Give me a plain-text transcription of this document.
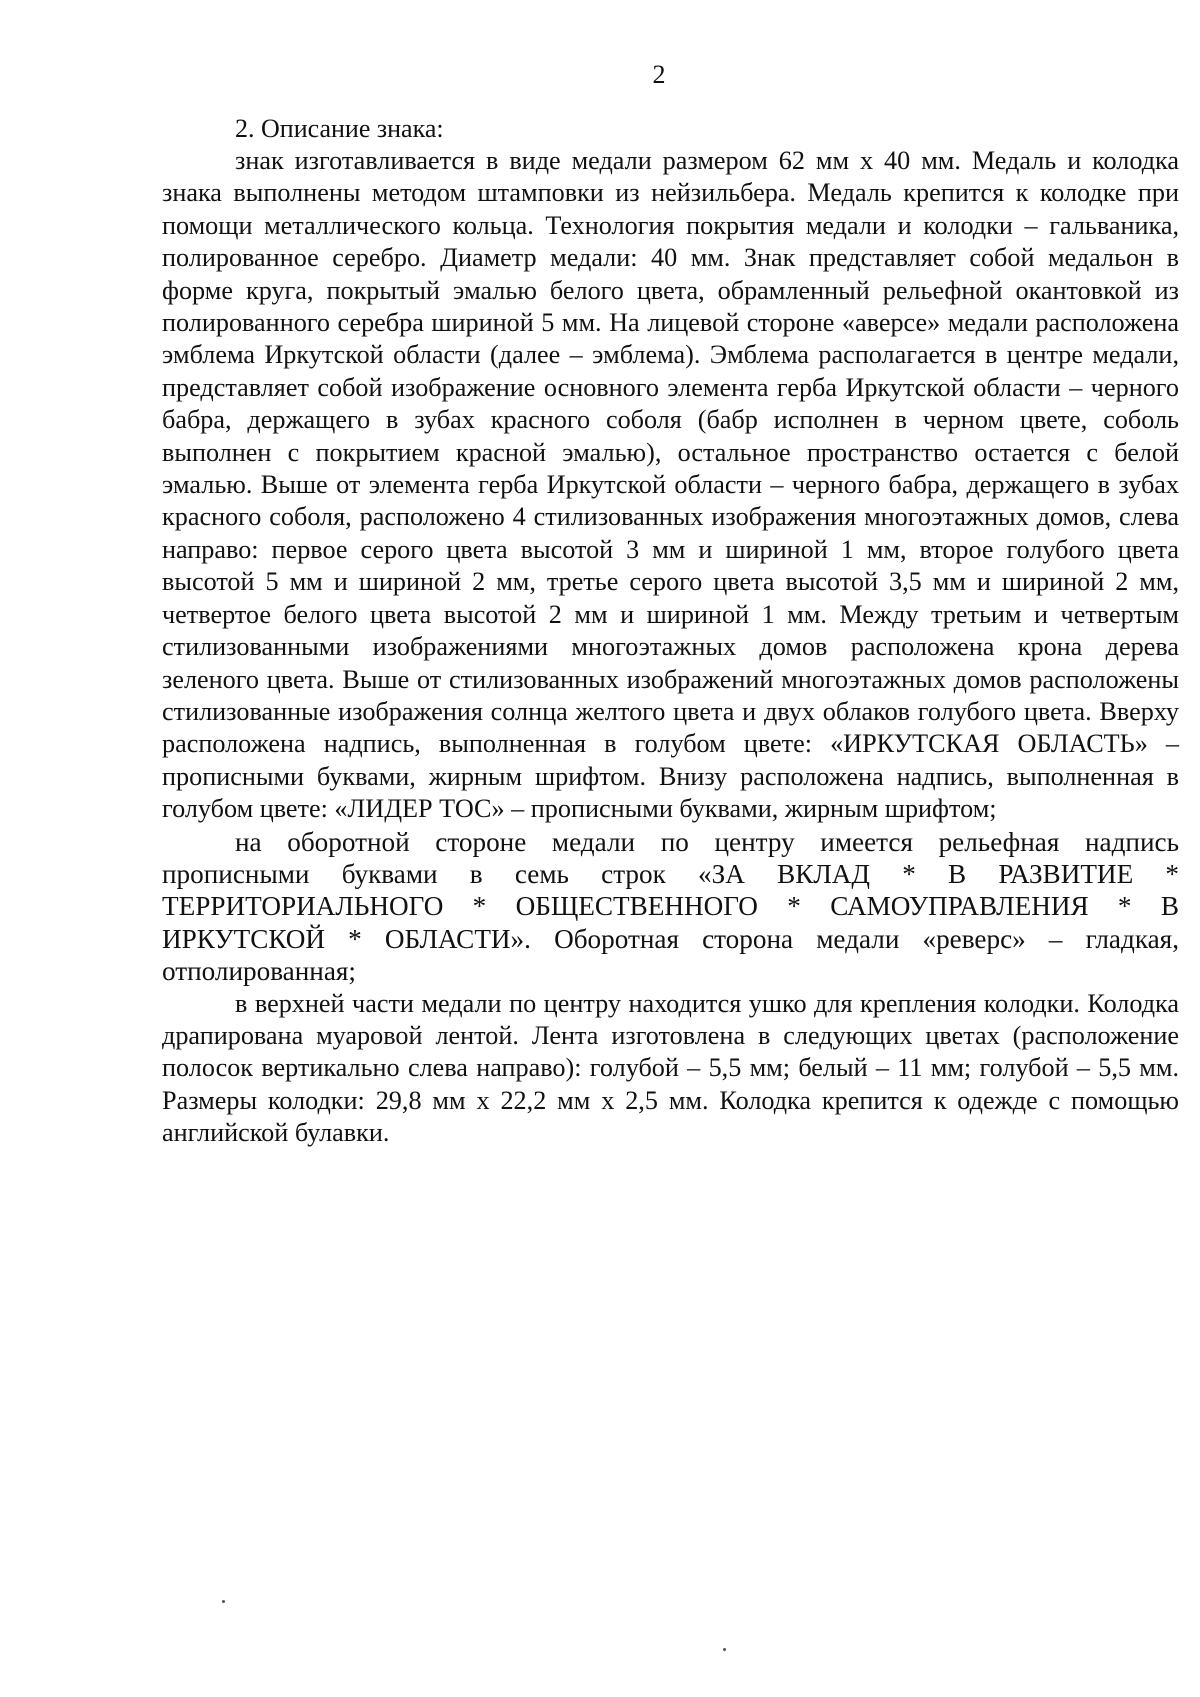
2
2. Описание знака:

знак изготавливается в виде медали размером 62 мм х 40 мм. Медаль и колодка знака выполнены методом штамповки из нейзильбера. Медаль крепится к колодке при помощи металлического кольца. Технология покрытия медали и колодки – гальваника, полированное серебро. Диаметр медали: 40 мм. Знак представляет собой медальон в форме круга, покрытый эмалью белого цвета, обрамленный рельефной окантовкой из полированного серебра шириной 5 мм. На лицевой стороне «аверсе» медали расположена эмблема Иркутской области (далее – эмблема). Эмблема располагается в центре медали, представляет собой изображение основного элемента герба Иркутской области – черного бабра, держащего в зубах красного соболя (бабр исполнен в черном цвете, соболь выполнен с покрытием красной эмалью), остальное пространство остается с белой эмалью. Выше от элемента герба Иркутской области – черного бабра, держащего в зубах красного соболя, расположено 4 стилизованных изображения многоэтажных домов, слева направо: первое серого цвета высотой 3 мм и шириной 1 мм, второе голубого цвета высотой 5 мм и шириной 2 мм, третье серого цвета высотой 3,5 мм и шириной 2 мм, четвертое белого цвета высотой 2 мм и шириной 1 мм. Между третьим и четвертым стилизованными изображениями многоэтажных домов расположена крона дерева зеленого цвета. Выше от стилизованных изображений многоэтажных домов расположены стилизованные изображения солнца желтого цвета и двух облаков голубого цвета. Вверху расположена надпись, выполненная в голубом цвете: «ИРКУТСКАЯ ОБЛАСТЬ» – прописными буквами, жирным шрифтом. Внизу расположена надпись, выполненная в голубом цвете: «ЛИДЕР ТОС» – прописными буквами, жирным шрифтом;

на оборотной стороне медали по центру имеется рельефная надпись прописными буквами в семь строк «ЗА ВКЛАД * В РАЗВИТИЕ * ТЕРРИТОРИАЛЬНОГО * ОБЩЕСТВЕННОГО * САМОУПРАВЛЕНИЯ * В ИРКУТСКОЙ * ОБЛАСТИ». Оборотная сторона медали «реверс» – гладкая, отполированная;

в верхней части медали по центру находится ушко для крепления колодки. Колодка драпирована муаровой лентой. Лента изготовлена в следующих цветах (расположение полосок вертикально слева направо): голубой – 5,5 мм; белый – 11 мм; голубой – 5,5 мм. Размеры колодки: 29,8 мм х 22,2 мм х 2,5 мм. Колодка крепится к одежде с помощью английской булавки.
